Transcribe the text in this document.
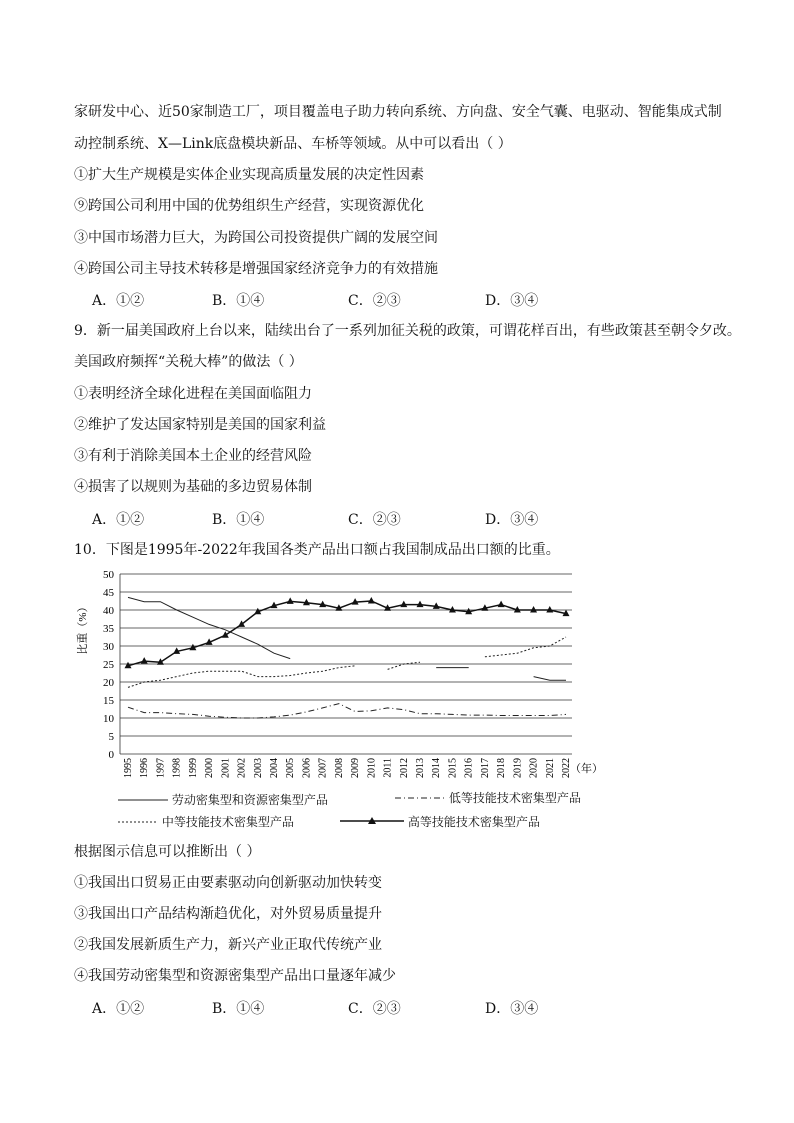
家研发中心、近50家制造工厂，项目覆盖电子助力转向系统、方向盘、安全气囊、电驱动、智能集成式制
动控制系统、X—Link底盘模块新品、车桥等领域。从中可以看出（ ）
①扩大生产规模是实体企业实现高质量发展的决定性因素
⑨跨国公司利用中国的优势组织生产经营，实现资源优化
③中国市场潜力巨大，为跨国公司投资提供广阔的发展空间
④跨国公司主导技术转移是增强国家经济竞争力的有效措施
A．①②	B．①④	C．②③	D．③④
9．新一届美国政府上台以来，陆续出台了一系列加征关税的政策，可谓花样百出，有些政策甚至朝令夕改。
美国政府频挥“关税大棒”的做法（ ）
①表明经济全球化进程在美国面临阻力
②维护了发达国家特别是美国的国家利益
③有利于消除美国本土企业的经营风险
④损害了以规则为基础的多边贸易体制
A．①②	B．①④	C．②③	D．③④
10．下图是1995年-2022年我国各类产品出口额占我国制成品出口额的比重。
0
5
10
15
20
25
30
35
40
45
50
1995 1996 1997 1998 1999 2000 2001 2002 2003 2004 2005 2006 2007 2008 2009 2010 2011 2012 2013 2014 2015 2016 2017 2018 2019 2020 2021 2022
比重（%）
（年）
劳动密集型和资源密集型产品	低等技能技术密集型产品
中等技能技术密集型产品	高等技能技术密集型产品
根据图示信息可以推断出（ ）
①我国出口贸易正由要素驱动向创新驱动加快转变
③我国出口产品结构渐趋优化，对外贸易质量提升
②我国发展新质生产力，新兴产业正取代传统产业
④我国劳动密集型和资源密集型产品出口量逐年减少
A．①②	B．①④	C．②③	D．③④
